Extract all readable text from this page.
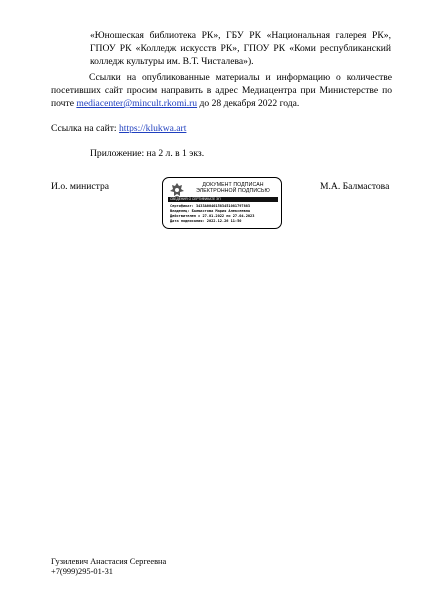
«Юношеская библиотека РК», ГБУ РК «Национальная галерея РК», ГПОУ РК «Колледж искусств РК», ГПОУ РК «Коми республиканский колледж культуры им. В.Т. Чисталева»).
Ссылки на опубликованные материалы и информацию о количестве посетивших сайт просим направить в адрес Медиацентра при Министерстве по почте mediacenter@mincult.rkomi.ru до 28 декабря 2022 года.
Ссылка на сайт: https://klukwa.art
Приложение: на 2 л. в 1 экз.
И.о. министра	ДОКУМЕНТ ПОДПИСАН
ЭЛЕКТРОННОЙ ПОДПИСЬЮ
СВЕДЕНИЯ О СЕРТИФИКАТЕ ЭП
Сертификат: 3433A00401583451081797883
Владелец: Балмастова Мария Алексеевна
Действителен с 27.01.2022 по 27.04.2023
Дата подписания: 2022.12.26 11:50
М.А. Балмастова
Гузилевич Анастасия Сергеевна
+7(999)295-01-31
